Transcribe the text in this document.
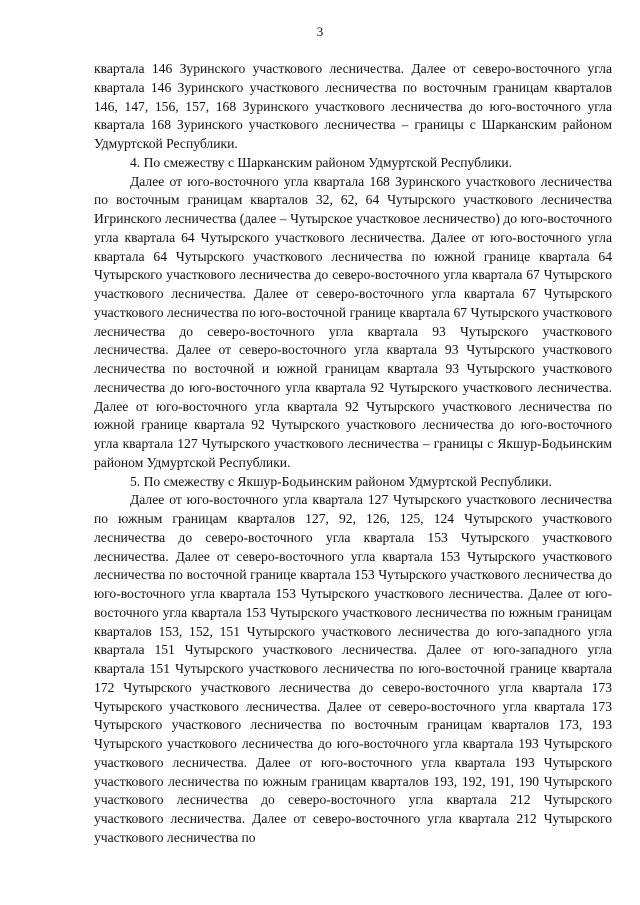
3

квартала 146 Зуринского участкового лесничества. Далее от северо-восточного угла квартала 146 Зуринского участкового лесничества по восточным границам кварталов 146, 147, 156, 157, 168 Зуринского участкового лесничества до юго-восточного угла квартала 168 Зуринского участкового лесничества – границы с Шарканским районом Удмуртской Республики.

4. По смежеству с Шарканским районом Удмуртской Республики.

Далее от юго-восточного угла квартала 168 Зуринского участкового лесничества по восточным границам кварталов 32, 62, 64 Чутырского участкового лесничества Игринского лесничества (далее – Чутырское участковое лесничество) до юго-восточного угла квартала 64 Чутырского участкового лесничества. Далее от юго-восточного угла квартала 64 Чутырского участкового лесничества по южной границе квартала 64 Чутырского участкового лесничества до северо-восточного угла квартала 67 Чутырского участкового лесничества. Далее от северо-восточного угла квартала 67 Чутырского участкового лесничества по юго-восточной границе квартала 67 Чутырского участкового лесничества до северо-восточного угла квартала 93 Чутырского участкового лесничества. Далее от северо-восточного угла квартала 93 Чутырского участкового лесничества по восточной и южной границам квартала 93 Чутырского участкового лесничества до юго-восточного угла квартала 92 Чутырского участкового лесничества. Далее от юго-восточного угла квартала 92 Чутырского участкового лесничества по южной границе квартала 92 Чутырского участкового лесничества до юго-восточного угла квартала 127 Чутырского участкового лесничества – границы с Якшур-Бодьинским районом Удмуртской Республики.

5. По смежеству с Якшур-Бодьинским районом Удмуртской Республики.

Далее от юго-восточного угла квартала 127 Чутырского участкового лесничества по южным границам кварталов 127, 92, 126, 125, 124 Чутырского участкового лесничества до северо-восточного угла квартала 153 Чутырского участкового лесничества. Далее от северо-восточного угла квартала 153 Чутырского участкового лесничества по восточной границе квартала 153 Чутырского участкового лесничества до юго-восточного угла квартала 153 Чутырского участкового лесничества. Далее от юго-восточного угла квартала 153 Чутырского участкового лесничества по южным границам кварталов 153, 152, 151 Чутырского участкового лесничества до юго-западного угла квартала 151 Чутырского участкового лесничества. Далее от юго-западного угла квартала 151 Чутырского участкового лесничества по юго-восточной границе квартала 172 Чутырского участкового лесничества до северо-восточного угла квартала 173 Чутырского участкового лесничества. Далее от северо-восточного угла квартала 173 Чутырского участкового лесничества по восточным границам кварталов 173, 193 Чутырского участкового лесничества до юго-восточного угла квартала 193 Чутырского участкового лесничества. Далее от юго-восточного угла квартала 193 Чутырского участкового лесничества по южным границам кварталов 193, 192, 191, 190 Чутырского участкового лесничества до северо-восточного угла квартала 212 Чутырского участкового лесничества. Далее от северо-восточного угла квартала 212 Чутырского участкового лесничества по
